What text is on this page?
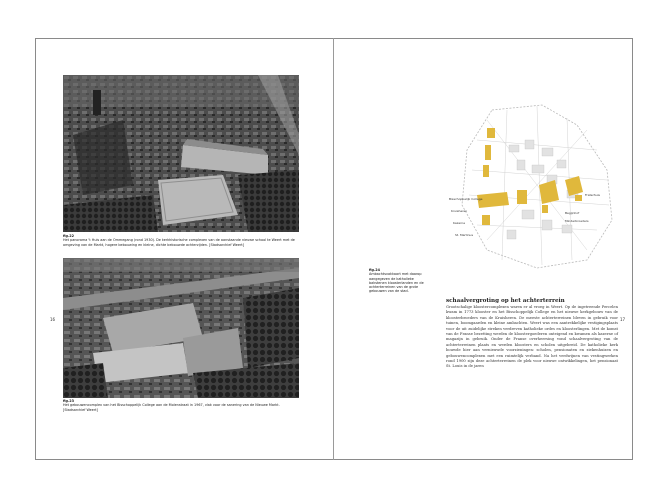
fig.22
Het panorama 't Huis aan de Ommegang (rond 1930). De kerkhistorische complexen van de aanstaande nieuwe school te Weert met de omgeving van de Markt, hogere bebouwing en kleine, dichte bebouwde achterzijden. [Stadsarchief Weert]
fig.23
Het gebouwencomplex van het Bisschoppelijk College aan de Molenstraat in 1967, vlak voor de sanering van de Nieuwe Markt. [Stadsarchief Weert]
16
Bisschoppelijk College
Kruisheren
Kazerne
St. Martinus
Fraterhuis
Begijnhof
Minderbroeders
fig.24
Ambachtsvakkaart met daarop aangegeven de katholieke bakstenen kloosterlanden en de achterterreinen van de grote gebouwen van de stad.
schaalvergroting op het achterterrein
Grootschalige kloostercomplexen waren er al vroeg in Weert. Op de ingetreende Percelen kwam in 1773 klooster en het Bisschoppelijk College en het nieuwe kerkgebouw van de kloosterbroeders van de Kruisheren. De meeste achterterreinen bleven in gebruik voor tuinen, boomgaarden en kleine ambachten. Weert was een aantrekkelijke vestigingsplaats voor de uit zuidelijke streken verdreven katholieke ordes en kloosterlingen. Met de komst van de Franse bezetting werden de kloostergoederen onteigend en kwamen als kazerne of magazijn in gebruik. Onder de Franse overheersing vond schaalvergroting van de achterterreinen plaats en werden kloosters en scholen uitgebreid. De katholieke kerk bouwde hier aan vernieuwde voorzieningen: scholen, pensionaten en ziekenhuizen en gebouwencomplexen met een ruimtelijk verband. Na het verdwijnen van vestingwerken rond 1900 zijn deze achterterreinen de plek voor nieuwe ontwikkelingen, het pensionaat St. Louis in de jaren
17
